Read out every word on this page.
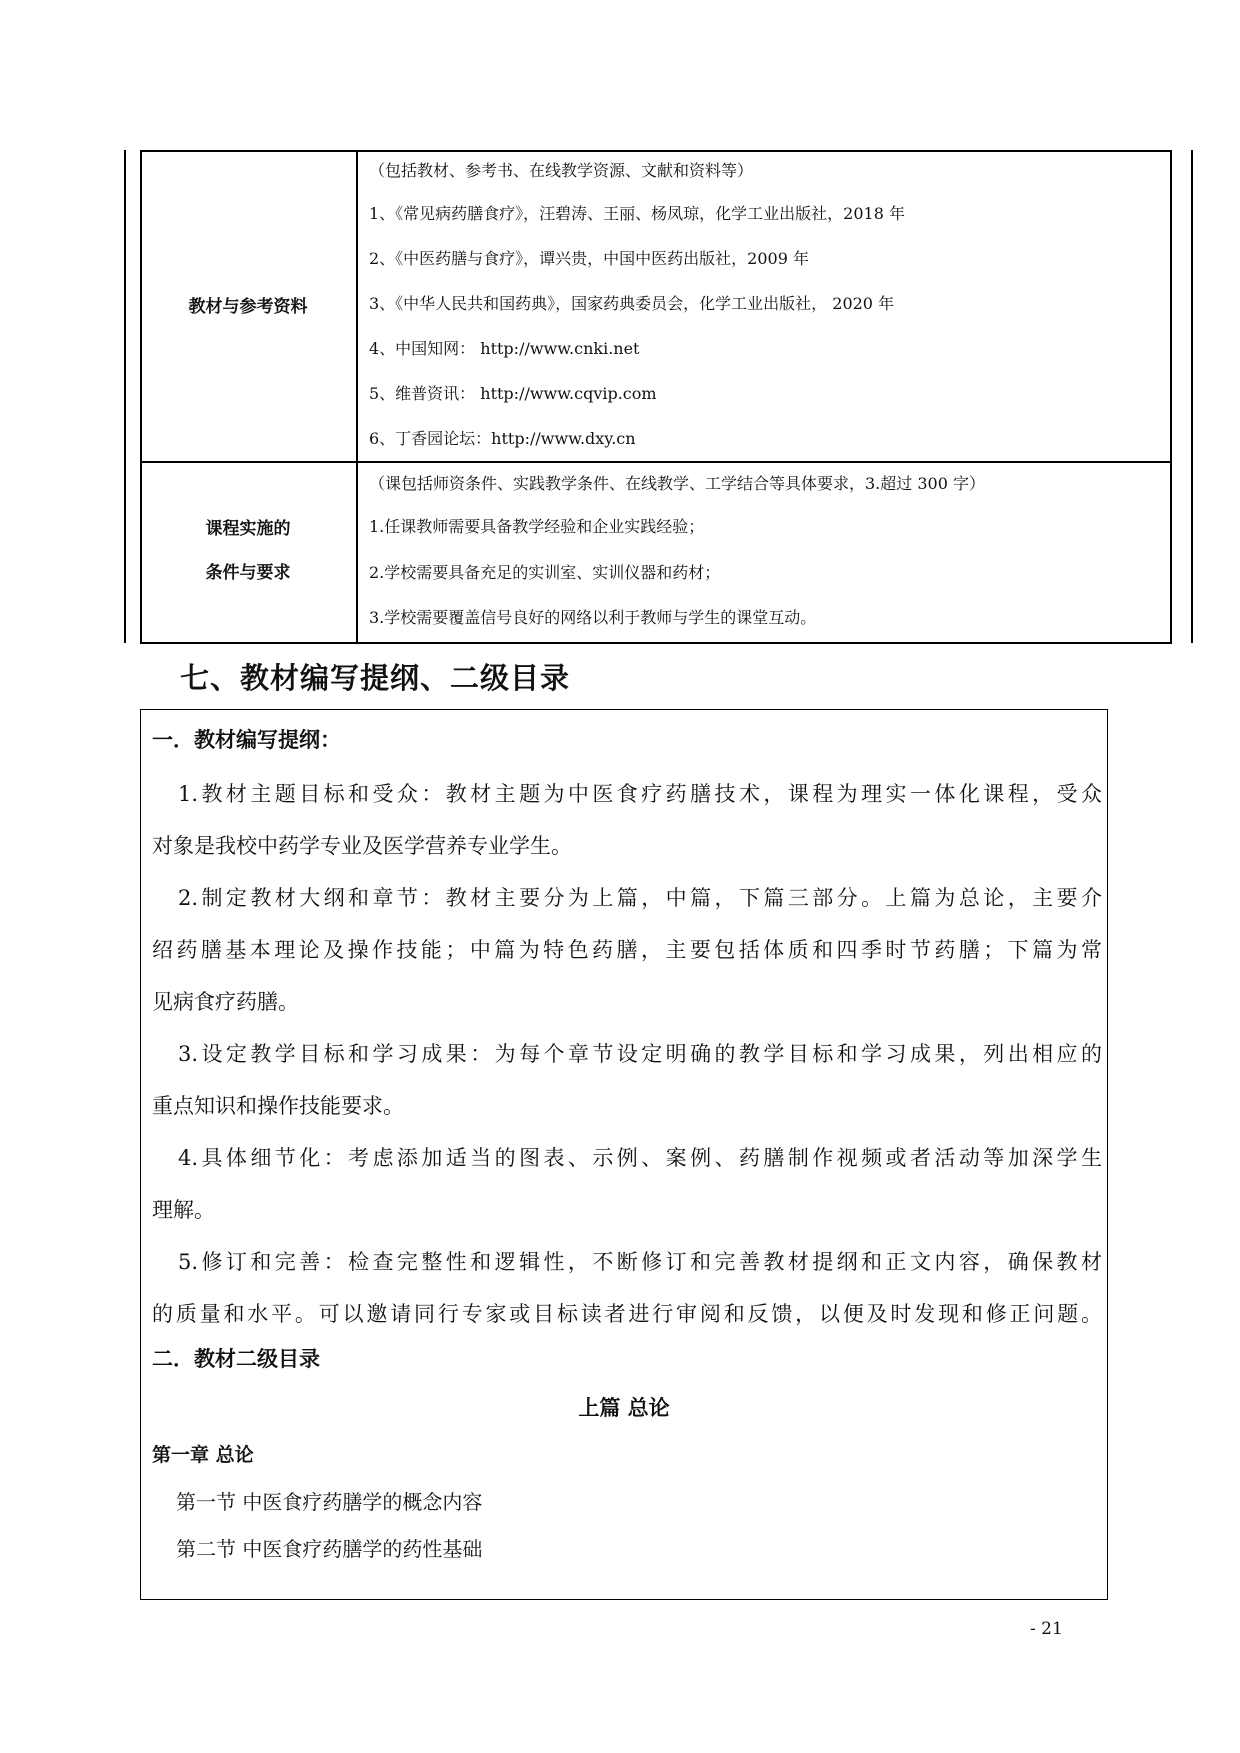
教材与参考资料
（包括教材、参考书、在线教学资源、文献和资料等）
1、《常见病药膳食疗》，汪碧涛、王丽、杨凤琼，化学工业出版社，2018 年
2、《中医药膳与食疗》，谭兴贵，中国中医药出版社，2009 年
3、《中华人民共和国药典》，国家药典委员会，化学工业出版社， 2020 年
4、中国知网： http://www.cnki.net
5、维普资讯： http://www.cqvip.com
6、丁香园论坛：http://www.dxy.cn
课程实施的
条件与要求
（课包括师资条件、实践教学条件、在线教学、工学结合等具体要求，3.超过 300 字）
1.任课教师需要具备教学经验和企业实践经验；
2.学校需要具备充足的实训室、实训仪器和药材；
3.学校需要覆盖信号良好的网络以利于教师与学生的课堂互动。
七、教材编写提纲、二级目录
一．教材编写提纲：
1.教材主题目标和受众：教材主题为中医食疗药膳技术，课程为理实一体化课程，受众
对象是我校中药学专业及医学营养专业学生。
2.制定教材大纲和章节：教材主要分为上篇，中篇，下篇三部分。上篇为总论，主要介
绍药膳基本理论及操作技能；中篇为特色药膳，主要包括体质和四季时节药膳；下篇为常
见病食疗药膳。
3.设定教学目标和学习成果：为每个章节设定明确的教学目标和学习成果，列出相应的
重点知识和操作技能要求。
4.具体细节化：考虑添加适当的图表、示例、案例、药膳制作视频或者活动等加深学生
理解。
5.修订和完善：检查完整性和逻辑性，不断修订和完善教材提纲和正文内容，确保教材
的质量和水平。可以邀请同行专家或目标读者进行审阅和反馈，以便及时发现和修正问题。
二．教材二级目录
上篇 总论
第一章 总论
第一节 中医食疗药膳学的概念内容
第二节 中医食疗药膳学的药性基础
- 21
